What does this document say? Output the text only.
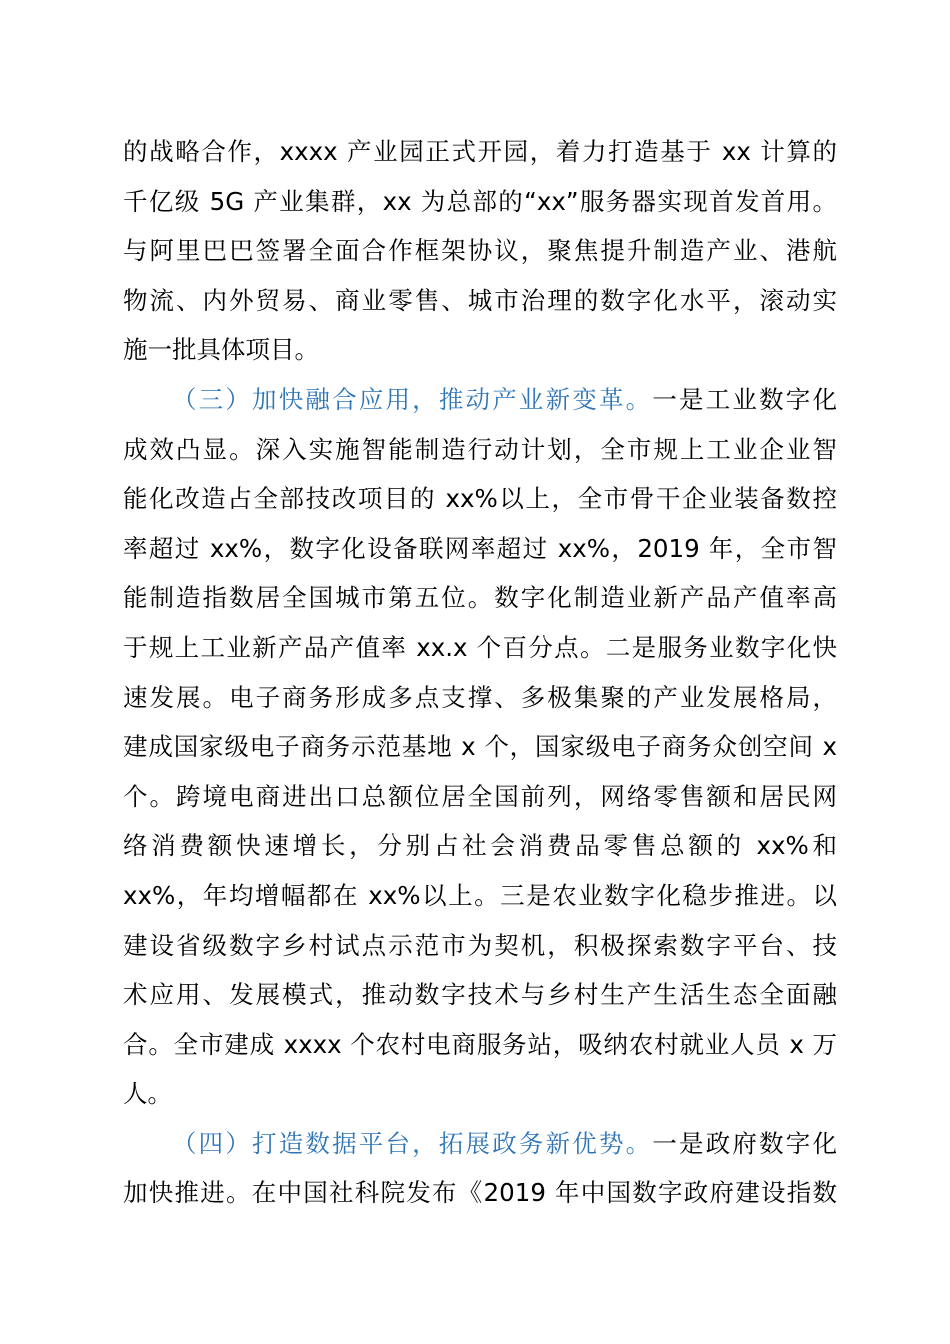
的战略合作，xxxx 产业园正式开园，着力打造基于 xx 计算的
千亿级 5G 产业集群，xx 为总部的“xx”服务器实现首发首用。
与阿里巴巴签署全面合作框架协议，聚焦提升制造产业、港航
物流、内外贸易、商业零售、城市治理的数字化水平，滚动实
施一批具体项目。
（三）加快融合应用，推动产业新变革。一是工业数字化
成效凸显。深入实施智能制造行动计划，全市规上工业企业智
能化改造占全部技改项目的 xx%以上，全市骨干企业装备数控
率超过 xx%，数字化设备联网率超过 xx%，2019 年，全市智
能制造指数居全国城市第五位。数字化制造业新产品产值率高
于规上工业新产品产值率 xx.x 个百分点。二是服务业数字化快
速发展。电子商务形成多点支撑、多极集聚的产业发展格局，
建成国家级电子商务示范基地 x 个，国家级电子商务众创空间 x
个。跨境电商进出口总额位居全国前列，网络零售额和居民网
络消费额快速增长，分别占社会消费品零售总额的 xx%和
xx%，年均增幅都在 xx%以上。三是农业数字化稳步推进。以
建设省级数字乡村试点示范市为契机，积极探索数字平台、技
术应用、发展模式，推动数字技术与乡村生产生活生态全面融
合。全市建成 xxxx 个农村电商服务站，吸纳农村就业人员 x 万
人。
（四）打造数据平台，拓展政务新优势。一是政府数字化
加快推进。在中国社科院发布《2019 年中国数字政府建设指数
